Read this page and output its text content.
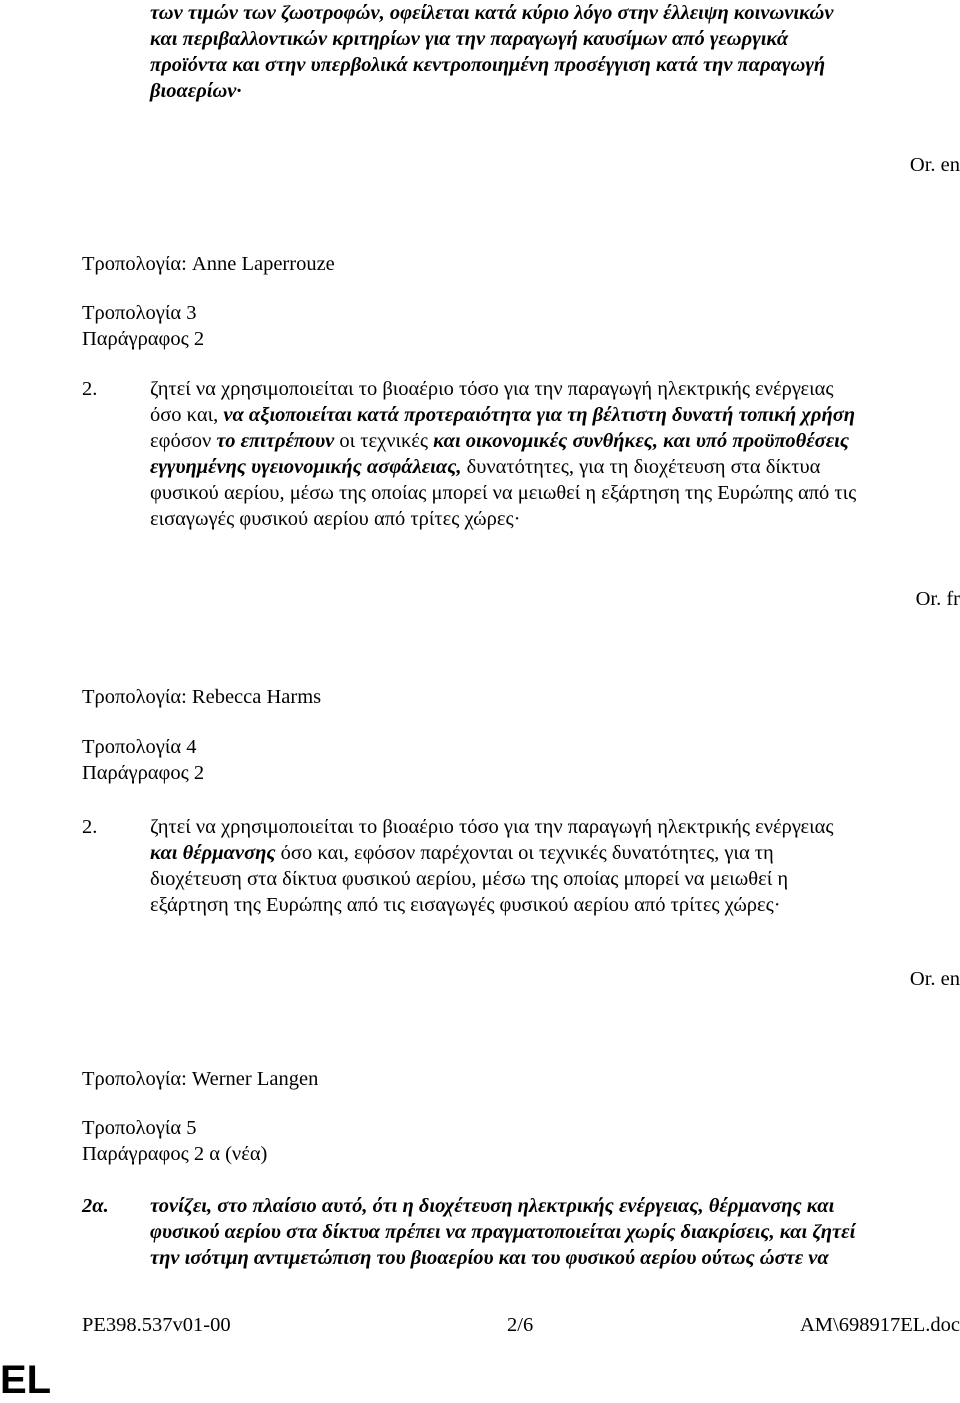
των τιμών των ζωοτροφών, οφείλεται κατά κύριο λόγο στην έλλειψη κοινωνικών
και περιβαλλοντικών κριτηρίων για την παραγωγή καυσίμων από γεωργικά
προϊόντα και στην υπερβολικά κεντροποιημένη προσέγγιση κατά την παραγωγή
βιοαερίων·
Or. en
Τροπολογία: Anne Laperrouze
Τροπολογία 3
Παράγραφος 2
2.	ζητεί να χρησιμοποιείται το βιοαέριο τόσο για την παραγωγή ηλεκτρικής ενέργειας
όσο και, να αξιοποιείται κατά προτεραιότητα για τη βέλτιστη δυνατή τοπική χρήση
εφόσον το επιτρέπουν οι τεχνικές και οικονομικές συνθήκες, και υπό προϋποθέσεις
εγγυημένης υγειονομικής ασφάλειας, δυνατότητες, για τη διοχέτευση στα δίκτυα
φυσικού αερίου, μέσω της οποίας μπορεί να μειωθεί η εξάρτηση της Ευρώπης από τις
εισαγωγές φυσικού αερίου από τρίτες χώρες·
Or. fr
Τροπολογία: Rebecca Harms
Τροπολογία 4
Παράγραφος 2
2.	ζητεί να χρησιμοποιείται το βιοαέριο τόσο για την παραγωγή ηλεκτρικής ενέργειας
και θέρμανσης όσο και, εφόσον παρέχονται οι τεχνικές δυνατότητες, για τη
διοχέτευση στα δίκτυα φυσικού αερίου, μέσω της οποίας μπορεί να μειωθεί η
εξάρτηση της Ευρώπης από τις εισαγωγές φυσικού αερίου από τρίτες χώρες·
Or. en
Τροπολογία: Werner Langen
Τροπολογία 5
Παράγραφος 2 α (νέα)
2α. τονίζει, στο πλαίσιο αυτό, ότι η διοχέτευση ηλεκτρικής ενέργειας, θέρμανσης και
φυσικού αερίου στα δίκτυα πρέπει να πραγματοποιείται χωρίς διακρίσεις, και ζητεί
την ισότιμη αντιμετώπιση του βιοαερίου και του φυσικού αερίου ούτως ώστε να
PE398.537v01-00	2/6	AM\698917EL.doc
EL
